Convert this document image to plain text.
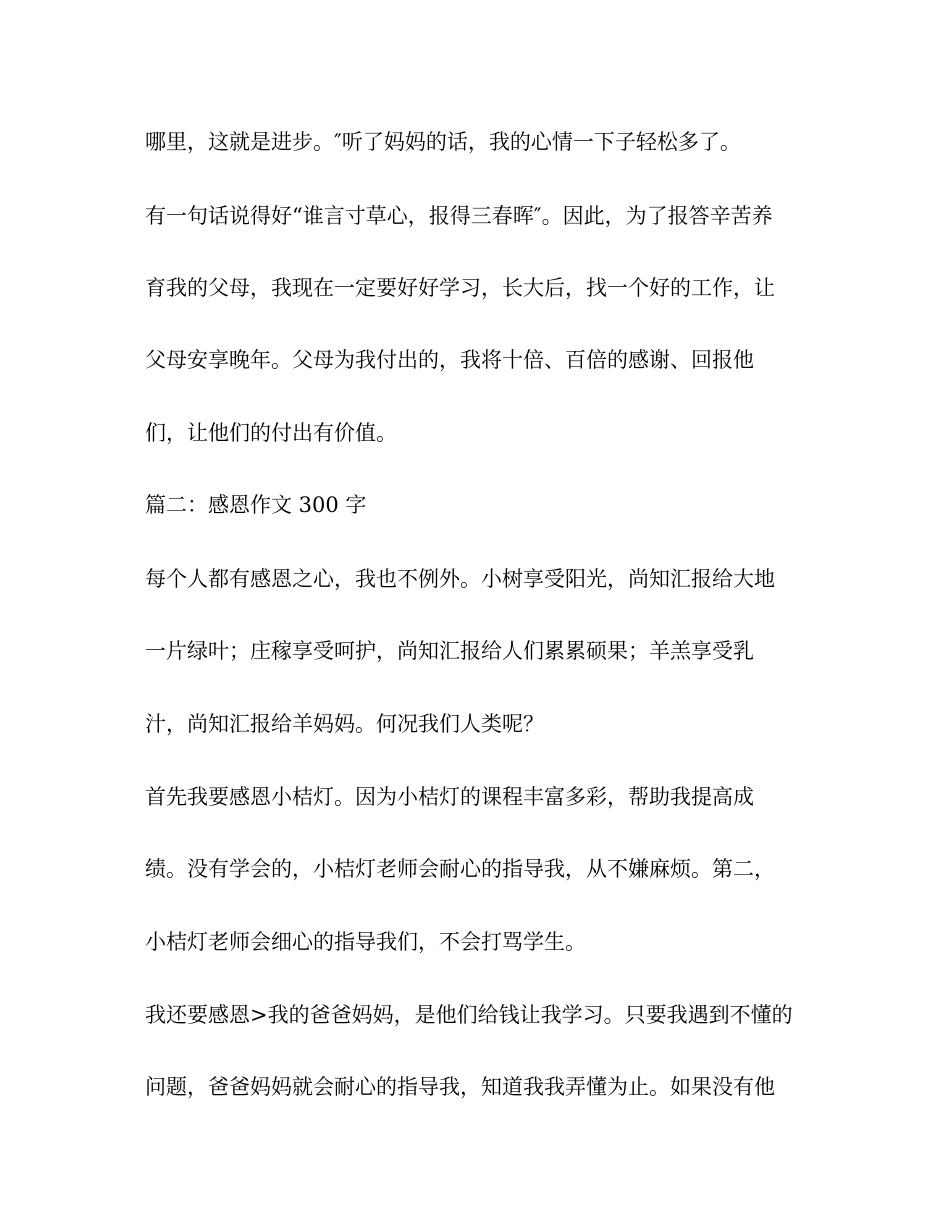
哪里，这就是进步。″听了妈妈的话，我的心情一下子轻松多了。
有一句话说得好“谁言寸草心，报得三春晖″。因此，为了报答辛苦养
育我的父母，我现在一定要好好学习，长大后，找一个好的工作，让
父母安享晚年。父母为我付出的，我将十倍、百倍的感谢、回报他
们，让他们的付出有价值。
篇二：感恩作文 300 字
每个人都有感恩之心，我也不例外。小树享受阳光，尚知汇报给大地
一片绿叶；庄稼享受呵护，尚知汇报给人们累累硕果；羊羔享受乳
汁，尚知汇报给羊妈妈。何况我们人类呢？
首先我要感恩小桔灯。因为小桔灯的课程丰富多彩，帮助我提高成
绩。没有学会的，小桔灯老师会耐心的指导我，从不嫌麻烦。第二，
小桔灯老师会细心的指导我们，不会打骂学生。
我还要感恩>我的爸爸妈妈，是他们给钱让我学习。只要我遇到不懂的
问题，爸爸妈妈就会耐心的指导我，知道我我弄懂为止。如果没有他
